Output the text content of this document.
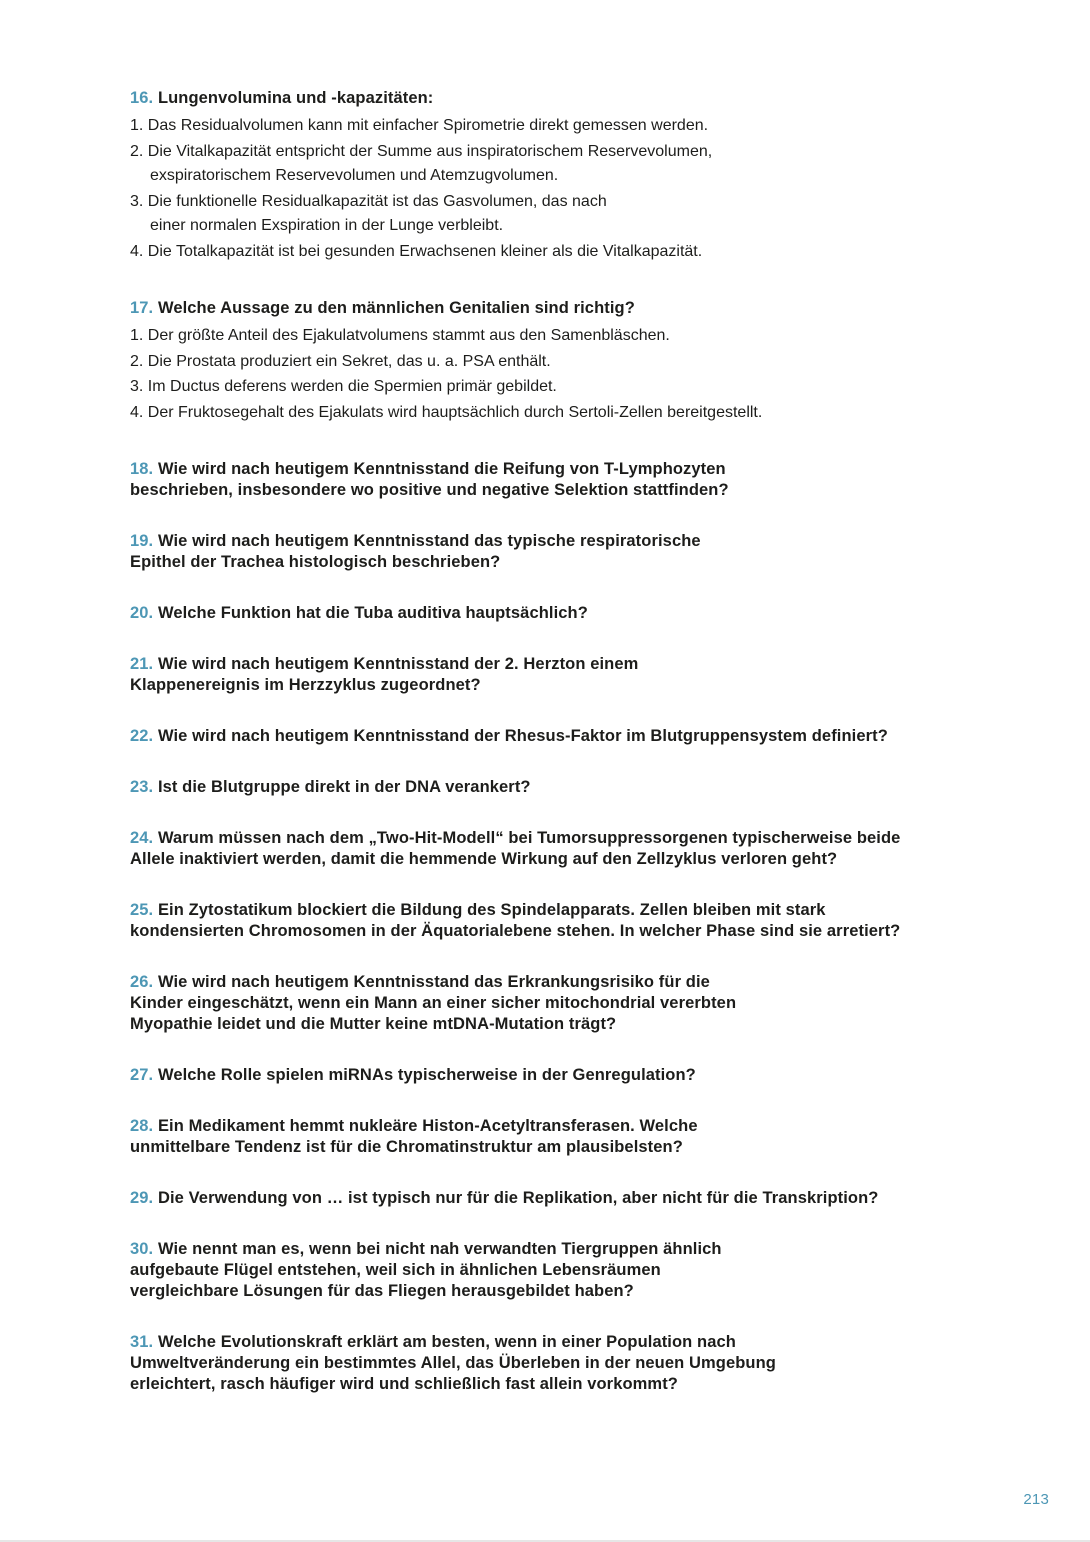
16. Lungenvolumina und -kapazitäten:

1. Das Residualvolumen kann mit einfacher Spirometrie direkt gemessen werden.
2. Die Vitalkapazität entspricht der Summe aus inspiratorischem Reservevolumen,
exspiratorischem Reservevolumen und Atemzugvolumen.
3. Die funktionelle Residualkapazität ist das Gasvolumen, das nach
einer normalen Exspiration in der Lunge verbleibt.
4. Die Totalkapazität ist bei gesunden Erwachsenen kleiner als die Vitalkapazität.

17. Welche Aussage zu den männlichen Genitalien sind richtig?

1. Der größte Anteil des Ejakulatvolumens stammt aus den Samenbläschen.
2. Die Prostata produziert ein Sekret, das u. a. PSA enthält.
3. Im Ductus deferens werden die Spermien primär gebildet.
4. Der Fruktosegehalt des Ejakulats wird hauptsächlich durch Sertoli-Zellen bereitgestellt.

18. Wie wird nach heutigem Kenntnisstand die Reifung von T-Lymphozyten
beschrieben, insbesondere wo positive und negative Selektion stattfinden?

19. Wie wird nach heutigem Kenntnisstand das typische respiratorische
Epithel der Trachea histologisch beschrieben?

20. Welche Funktion hat die Tuba auditiva hauptsächlich?

21. Wie wird nach heutigem Kenntnisstand der 2. Herzton einem
Klappenereignis im Herzzyklus zugeordnet?

22. Wie wird nach heutigem Kenntnisstand der Rhesus-Faktor im Blutgruppensystem definiert?

23. Ist die Blutgruppe direkt in der DNA verankert?

24. Warum müssen nach dem „Two-Hit-Modell“ bei Tumorsuppressorgenen typischerweise beide
Allele inaktiviert werden, damit die hemmende Wirkung auf den Zellzyklus verloren geht?

25. Ein Zytostatikum blockiert die Bildung des Spindelapparats. Zellen bleiben mit stark
kondensierten Chromosomen in der Äquatorialebene stehen. In welcher Phase sind sie arretiert?

26. Wie wird nach heutigem Kenntnisstand das Erkrankungsrisiko für die
Kinder eingeschätzt, wenn ein Mann an einer sicher mitochondrial vererbten
Myopathie leidet und die Mutter keine mtDNA-Mutation trägt?

27. Welche Rolle spielen miRNAs typischerweise in der Genregulation?

28. Ein Medikament hemmt nukleäre Histon-Acetyltransferasen. Welche
unmittelbare Tendenz ist für die Chromatinstruktur am plausibelsten?

29. Die Verwendung von … ist typisch nur für die Replikation, aber nicht für die Transkription?

30. Wie nennt man es, wenn bei nicht nah verwandten Tiergruppen ähnlich
aufgebaute Flügel entstehen, weil sich in ähnlichen Lebensräumen
vergleichbare Lösungen für das Fliegen herausgebildet haben?

31. Welche Evolutionskraft erklärt am besten, wenn in einer Population nach
Umweltveränderung ein bestimmtes Allel, das Überleben in der neuen Umgebung
erleichtert, rasch häufiger wird und schließlich fast allein vorkommt?

213
